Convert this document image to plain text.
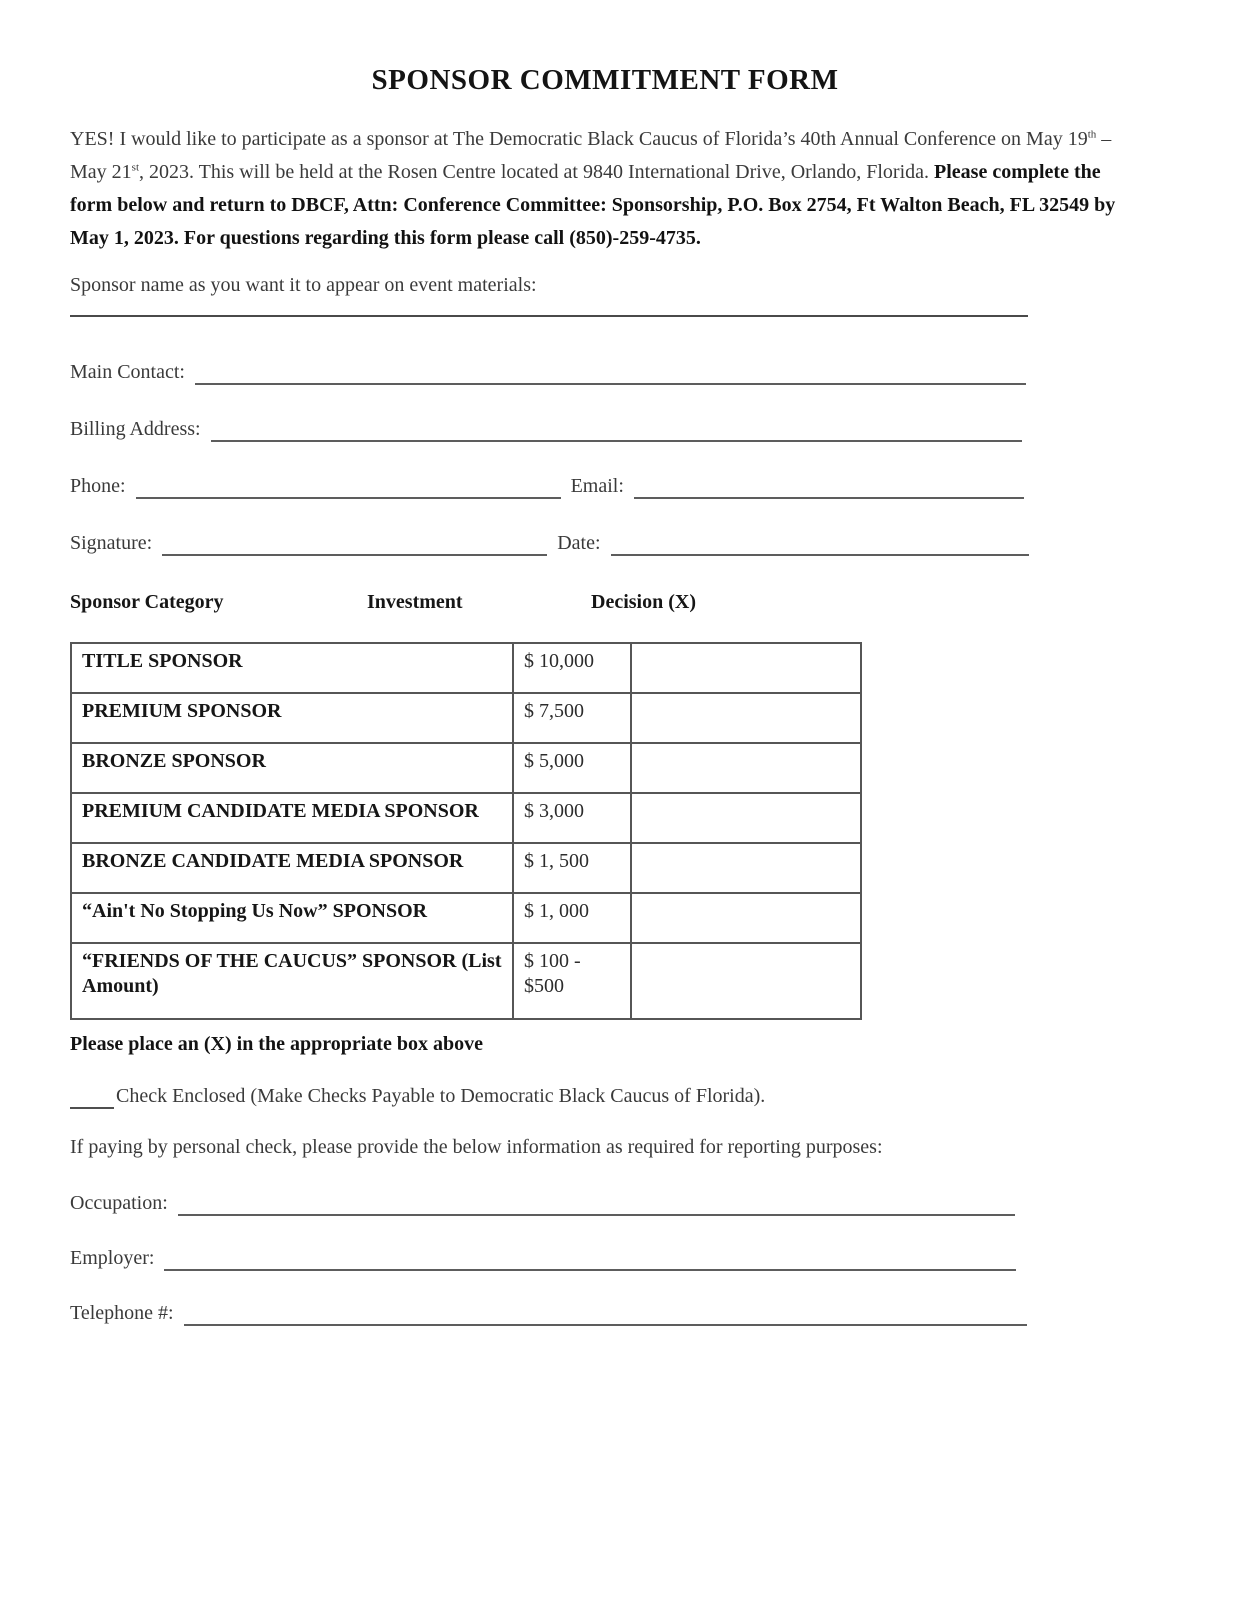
SPONSOR COMMITMENT FORM

YES! I would like to participate as a sponsor at The Democratic Black Caucus of Florida’s 40th Annual Conference on May 19th – May 21st, 2023. This will be held at the Rosen Centre located at 9840 International Drive, Orlando, Florida. Please complete the form below and return to DBCF, Attn: Conference Committee: Sponsorship, P.O. Box 2754, Ft Walton Beach, FL 32549 by May 1, 2023. For questions regarding this form please call (850)-259-4735.

Sponsor name as you want it to appear on event materials:
Main Contact:
Billing Address:
Phone:	Email:
Signature:	Date:
Sponsor Category	Investment	Decision (X)
TITLE SPONSOR	$ 10,000	
PREMIUM SPONSOR	$ 7,500	
BRONZE SPONSOR	$ 5,000	
PREMIUM CANDIDATE MEDIA SPONSOR	$ 3,000	
BRONZE CANDIDATE MEDIA SPONSOR	$ 1, 500	
“Ain't No Stopping Us Now” SPONSOR	$ 1, 000	
“FRIENDS OF THE CAUCUS” SPONSOR (List Amount)	$ 100 - $500	

Please place an (X) in the appropriate box above

Check Enclosed (Make Checks Payable to Democratic Black Caucus of Florida).

If paying by personal check, please provide the below information as required for reporting purposes:

Occupation:
Employer:
Telephone #:
